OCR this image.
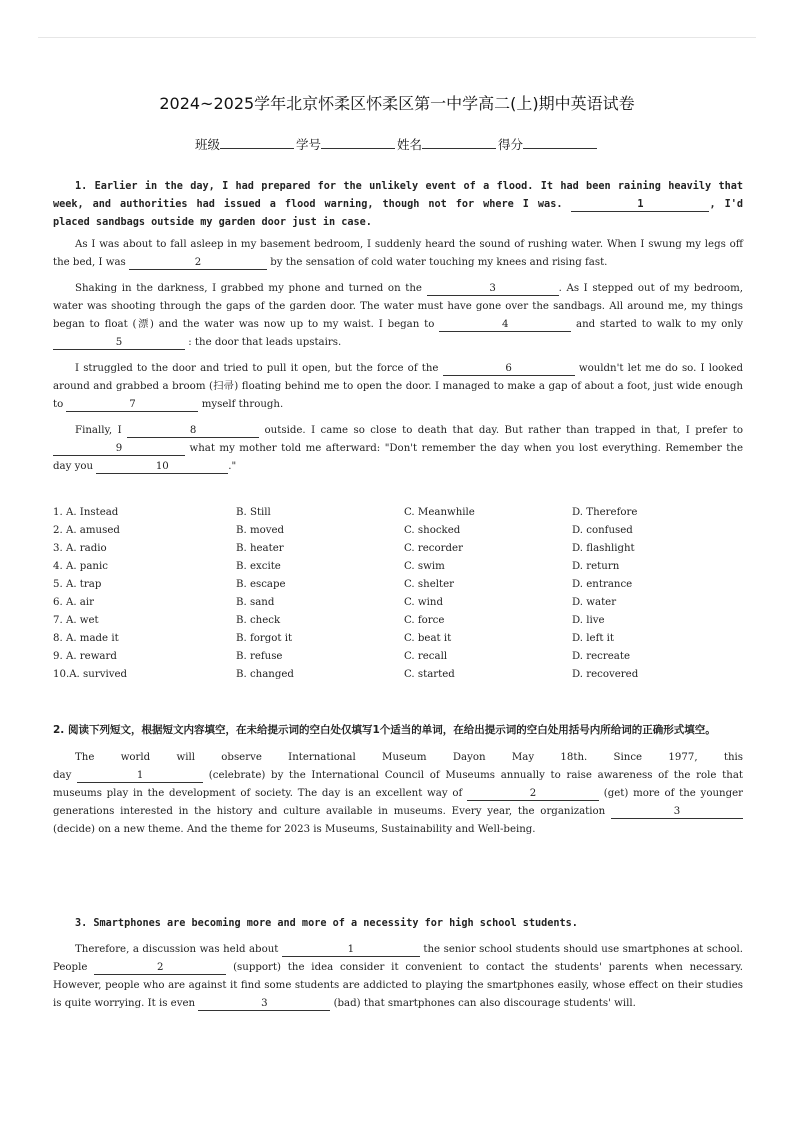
2024~2025学年北京怀柔区怀柔区第一中学高二(上)期中英语试卷
班级	学号	姓名	得分
1. Earlier in the day, I had prepared for the unlikely event of a flood. It had been raining heavily that week, and authorities had issued a flood warning, though not for where I was.	1	, I'd placed sandbags outside my garden door just in case.

As I was about to fall asleep in my basement bedroom, I suddenly heard the sound of rushing water. When I swung my legs off the bed, I was	2	by the sensation of cold water touching my knees and rising fast.

Shaking in the darkness, I grabbed my phone and turned on the	3	. As I stepped out of my bedroom, water was shooting through the gaps of the garden door. The water must have gone over the sandbags. All around me, my things began to float (漂) and the water was now up to my waist. I began to	4	and started to walk to my only 5	: the door that leads upstairs.

I struggled to the door and tried to pull it open, but the force of the	6	wouldn't let me do so. I looked around and grabbed a broom (扫帚) floating behind me to open the door. I managed to make a gap of about a foot, just wide enough to	7	myself through.

Finally, I	8	outside. I came so close to death that day. But rather than trapped in that, I prefer to 9	what my mother told me afterward: "Don't remember the day when you lost everything. Remember the day you	10	."

1. A. Instead	B. Still	C. Meanwhile	D. Therefore
2. A. amused	B. moved	C. shocked	D. confused
3. A. radio	B. heater	C. recorder	D. flashlight
4. A. panic	B. excite	C. swim	D. return
5. A. trap	B. escape	C. shelter	D. entrance
6. A. air	B. sand	C. wind	D. water
7. A. wet	B. check	C. force	D. live
8. A. made it	B. forgot it	C. beat it	D. left it
9. A. reward	B. refuse	C. recall	D. recreate
10.A. survived	B. changed	C. started	D. recovered
2. 阅读下列短文，根据短文内容填空，在未给提示词的空白处仅填写1个适当的单词，在给出提示词的空白处用括号内所给词的正确形式填空。

The world will observe International Museum Dayon May 18th. Since 1977, this

day	1	(celebrate) by the International Council of Museums annually to raise awareness of the role that museums play in the development of society. The day is an excellent way of	2	(get) more of the younger generations interested in the history and culture available in museums. Every year, the organization	3 (decide) on a new theme. And the theme for 2023 is Museums, Sustainability and Well-being.

3. Smartphones are becoming more and more of a necessity for high school students.

Therefore, a discussion was held about	1	the senior school students should use smartphones at school. People	2	(support) the idea consider it convenient to contact the students' parents when necessary. However, people who are against it find some students are addicted to playing the smartphones easily, whose effect on their studies is quite worrying. It is even	3	(bad) that smartphones can also discourage students' will.
